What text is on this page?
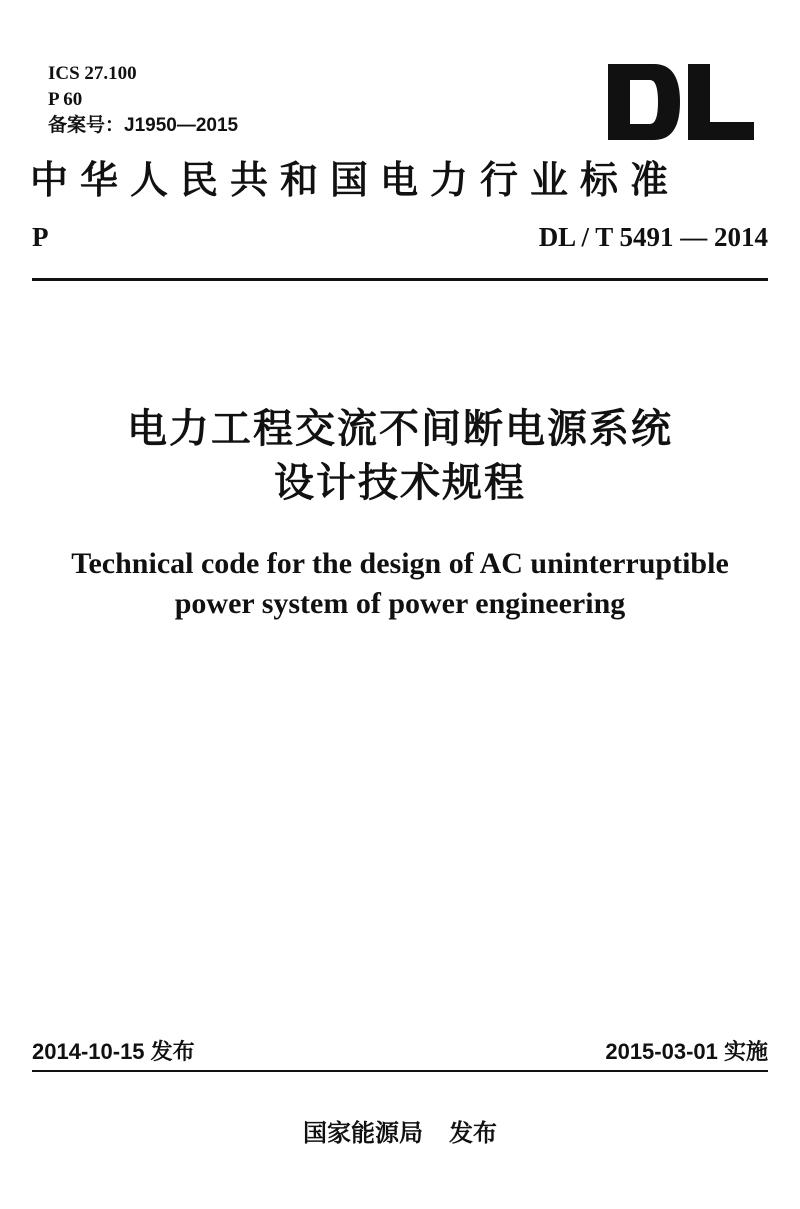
ICS 27.100
P 60
备案号：J1950—2015
中华人民共和国电力行业标准
P	DL / T 5491 — 2014
电力工程交流不间断电源系统
设计技术规程
Technical code for the design of AC uninterruptible
power system of power engineering
2014-10-15 发布	2015-03-01 实施
国家能源局 发布
